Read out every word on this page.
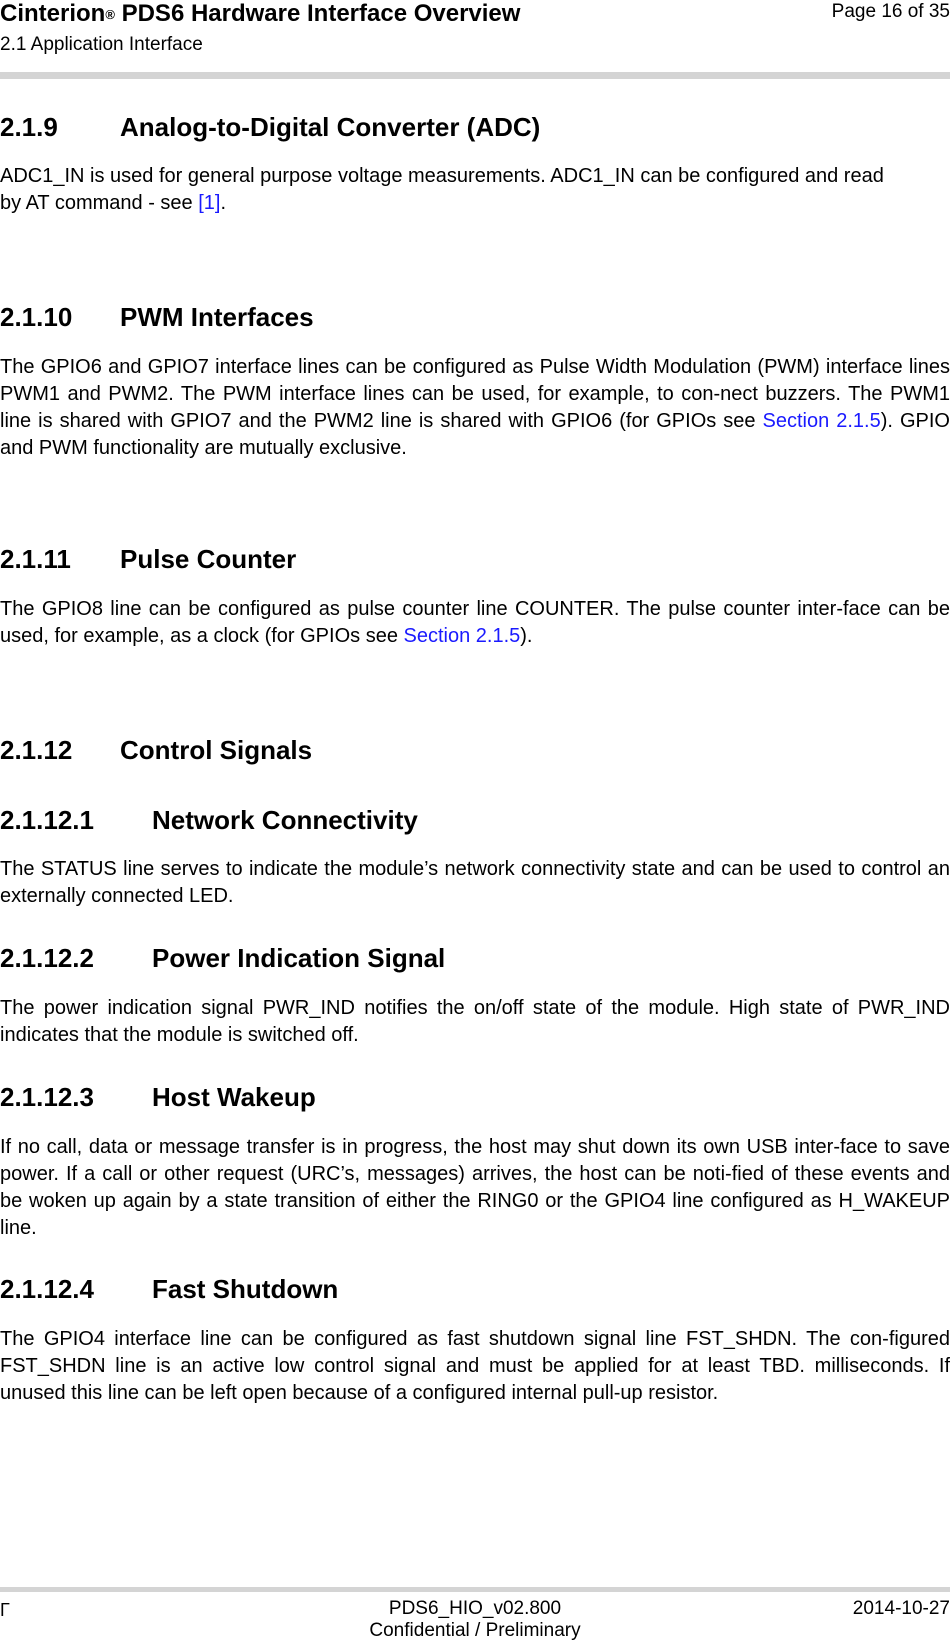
Cinterion® PDS6 Hardware Interface Overview
2.1 Application Interface
Page 16 of 35
2.1.9 Analog-to-Digital Converter (ADC)

ADC1_IN is used for general purpose voltage measurements. ADC1_IN can be configured and read by AT command - see [1].

2.1.10 PWM Interfaces

The GPIO6 and GPIO7 interface lines can be configured as Pulse Width Modulation (PWM) interface lines PWM1 and PWM2. The PWM interface lines can be used, for example, to con-nect buzzers. The PWM1 line is shared with GPIO7 and the PWM2 line is shared with GPIO6 (for GPIOs see Section 2.1.5). GPIO and PWM functionality are mutually exclusive.

2.1.11 Pulse Counter

The GPIO8 line can be configured as pulse counter line COUNTER. The pulse counter inter-face can be used, for example, as a clock (for GPIOs see Section 2.1.5).

2.1.12 Control Signals
2.1.12.1 Network Connectivity

The STATUS line serves to indicate the module’s network connectivity state and can be used to control an externally connected LED.

2.1.12.2 Power Indication Signal

The power indication signal PWR_IND notifies the on/off state of the module. High state of PWR_IND indicates that the module is switched off.

2.1.12.3 Host Wakeup

If no call, data or message transfer is in progress, the host may shut down its own USB inter-face to save power. If a call or other request (URC’s, messages) arrives, the host can be noti-fied of these events and be woken up again by a state transition of either the RING0 or the GPIO4 line configured as H_WAKEUP line.

2.1.12.4 Fast Shutdown

The GPIO4 interface line can be configured as fast shutdown signal line FST_SHDN. The con-figured FST_SHDN line is an active low control signal and must be applied for at least TBD. milliseconds. If unused this line can be left open because of a configured internal pull-up resistor.

Γ	PDS6_HIO_v02.800
Confidential / Preliminary
2014-10-27
